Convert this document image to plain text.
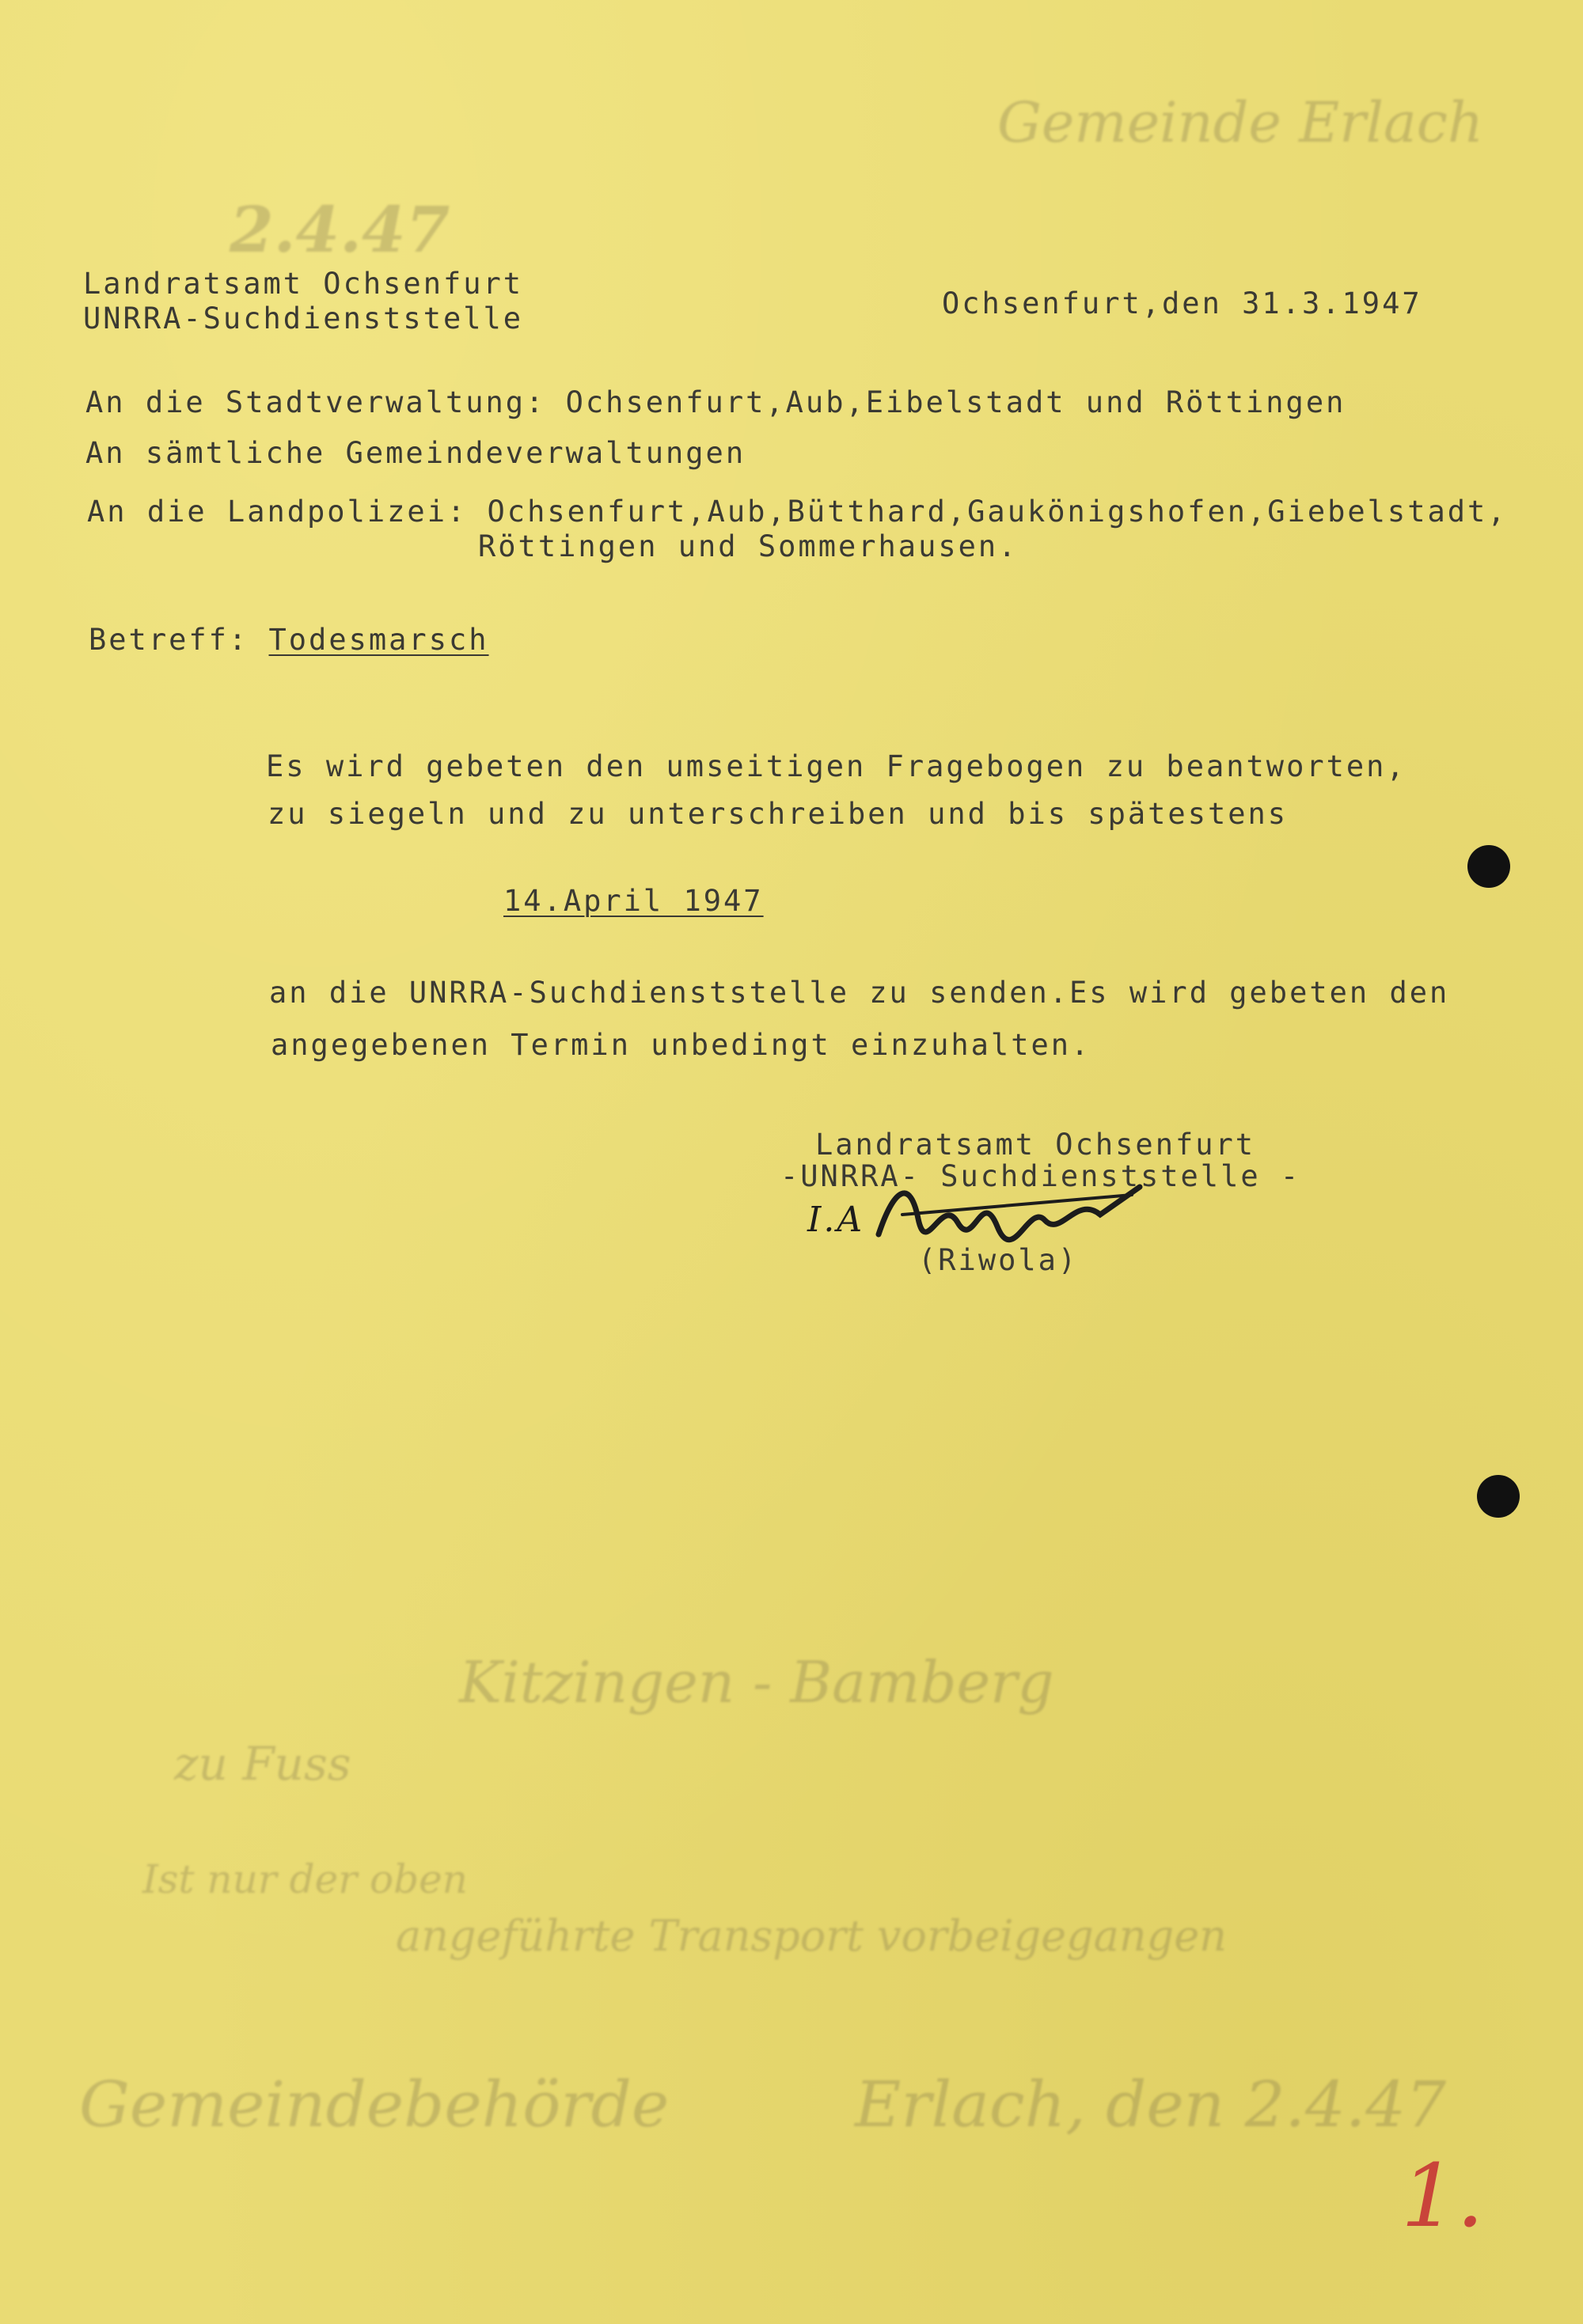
Gemeinde Erlach
2.4.47
Kitzingen - Bamberg
zu Fuss
Ist nur der oben
angeführte Transport vorbeigegangen
Gemeindebehörde	Erlach, den 2.4.47
Landratsamt Ochsenfurt
UNRRA-Suchdienststelle	Ochsenfurt,den 31.3.1947
An die Stadtverwaltung: Ochsenfurt,Aub,Eibelstadt und Röttingen
An sämtliche Gemeindeverwaltungen
An die Landpolizei: Ochsenfurt,Aub,Bütthard,Gaukönigshofen,Giebelstadt,
Röttingen und Sommerhausen.
Betreff: Todesmarsch
Es wird gebeten den umseitigen Fragebogen zu beantworten,
zu siegeln und zu unterschreiben und bis spätestens
14.April 1947
an die UNRRA-Suchdienststelle zu senden.Es wird gebeten den
angegebenen Termin unbedingt einzuhalten.
Landratsamt Ochsenfurt
-UNRRA- Suchdienststelle -
I.A
(Riwola)
1.
